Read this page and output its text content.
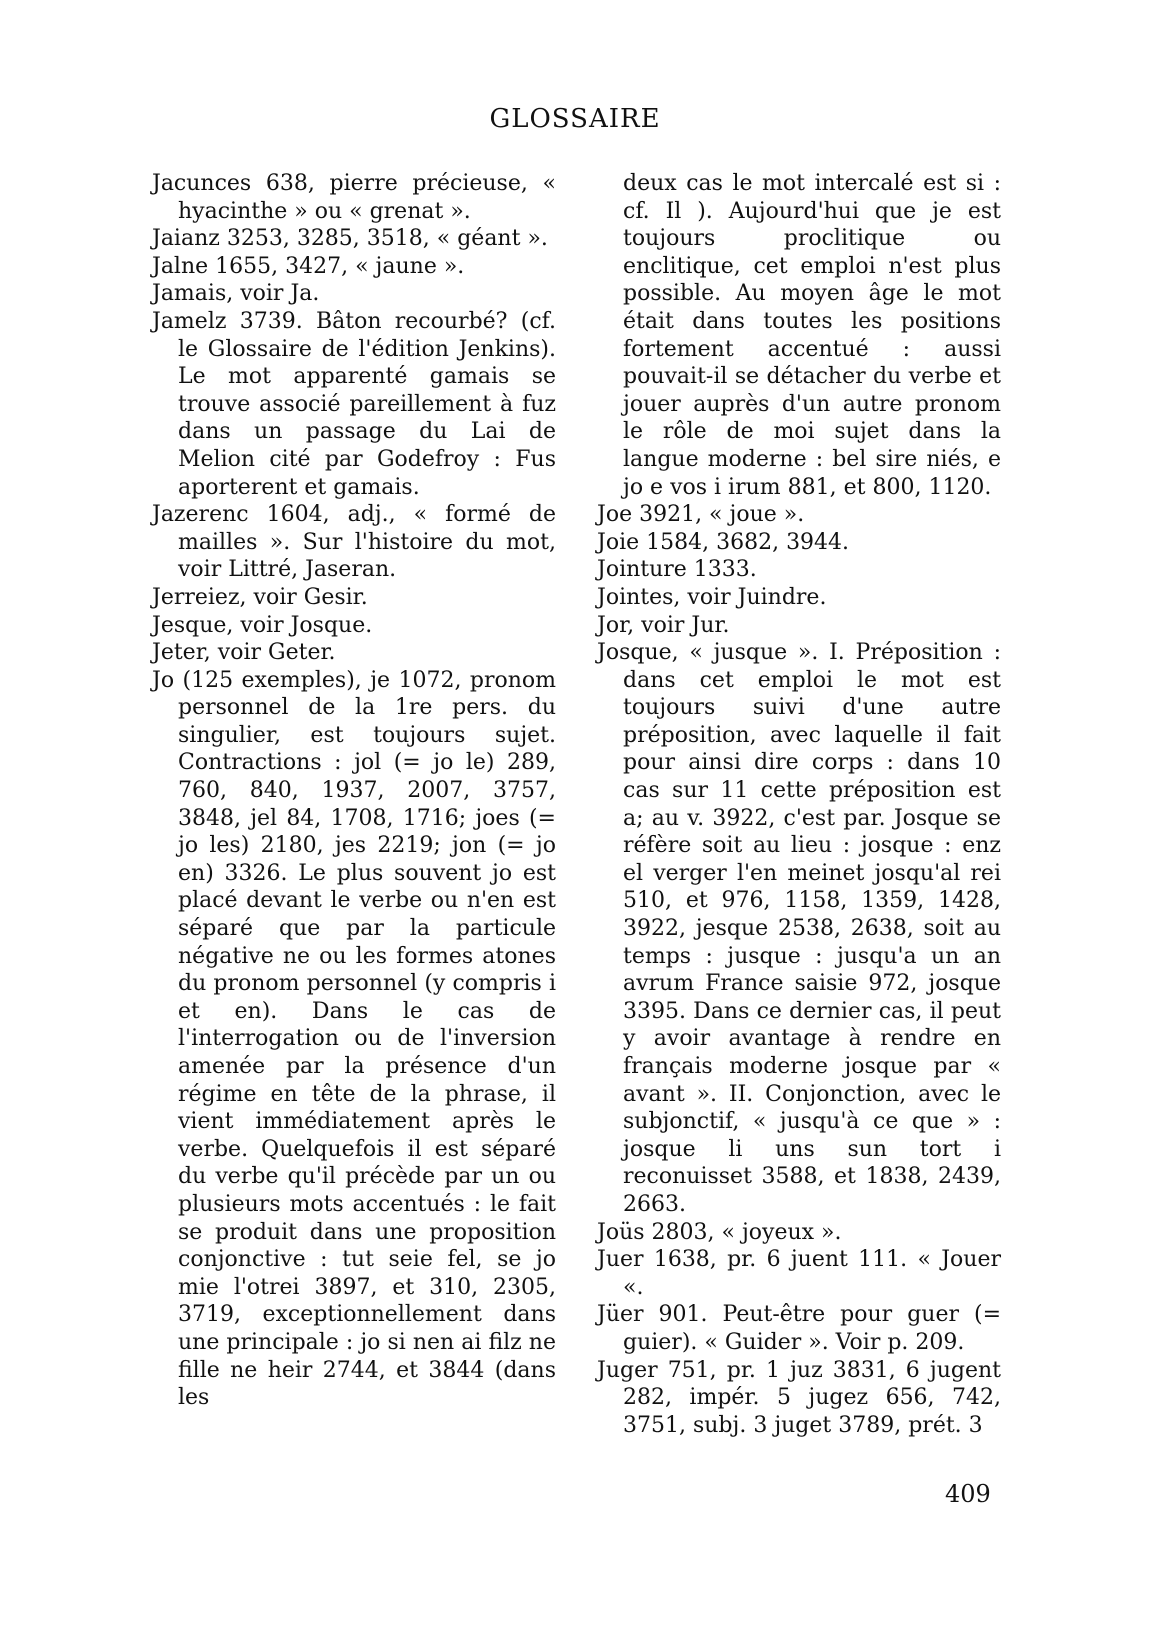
GLOSSAIRE

Jacunces 638, pierre précieuse, « hyacinthe » ou « grenat ».

Jaianz 3253, 3285, 3518, « géant ».

Jalne 1655, 3427, « jaune ».

Jamais, voir Ja.

Jamelz 3739. Bâton recourbé? (cf. le Glossaire de l'édition Jenkins). Le mot apparenté gamais se trouve associé pareillement à fuz dans un passage du Lai de Melion cité par Godefroy : Fus aporterent et gamais.

Jazerenc 1604, adj., « formé de mailles ». Sur l'histoire du mot, voir Littré, Jaseran.

Jerreiez, voir Gesir.

Jesque, voir Josque.

Jeter, voir Geter.

Jo (125 exemples), je 1072, pronom personnel de la 1re pers. du singulier, est toujours sujet. Contractions : jol (= jo le) 289, 760, 840, 1937, 2007, 3757, 3848, jel 84, 1708, 1716; joes (= jo les) 2180, jes 2219; jon (= jo en) 3326. Le plus souvent jo est placé devant le verbe ou n'en est séparé que par la particule négative ne ou les formes atones du pronom personnel (y compris i et en). Dans le cas de l'interrogation ou de l'inversion amenée par la présence d'un régime en tête de la phrase, il vient immédiatement après le verbe. Quelquefois il est séparé du verbe qu'il précède par un ou plusieurs mots accentués : le fait se produit dans une proposition conjonctive : tut seie fel, se jo mie l'otrei 3897, et 310, 2305, 3719, exceptionnellement dans une principale : jo si nen ai filz ne fille ne heir 2744, et 3844 (dans les

deux cas le mot intercalé est si : cf. Il ). Aujourd'hui que je est toujours proclitique ou enclitique, cet emploi n'est plus possible. Au moyen âge le mot était dans toutes les positions fortement accentué : aussi pouvait-il se détacher du verbe et jouer auprès d'un autre pronom le rôle de moi sujet dans la langue moderne : bel sire niés, e jo e vos i irum 881, et 800, 1120.

Joe 3921, « joue ».

Joie 1584, 3682, 3944.

Jointure 1333.

Jointes, voir Juindre.

Jor, voir Jur.

Josque, « jusque ». I. Préposition : dans cet emploi le mot est toujours suivi d'une autre préposition, avec laquelle il fait pour ainsi dire corps : dans 10 cas sur 11 cette préposition est a; au v. 3922, c'est par. Josque se réfère soit au lieu : josque : enz el verger l'en meinet josqu'al rei 510, et 976, 1158, 1359, 1428, 3922, jesque 2538, 2638, soit au temps : jusque : jusqu'a un an avrum France saisie 972, josque 3395. Dans ce dernier cas, il peut y avoir avantage à rendre en français moderne josque par « avant ». II. Conjonction, avec le subjonctif, « jusqu'à ce que » : josque li uns sun tort i reconuisset 3588, et 1838, 2439, 2663.

Joüs 2803, « joyeux ».

Juer 1638, pr. 6 juent 111. « Jouer «.

Jüer 901. Peut-être pour guer (= guier). « Guider ». Voir p. 209.

Juger 751, pr. 1 juz 3831, 6 jugent 282, impér. 5 jugez 656, 742, 3751, subj. 3 juget 3789, prét. 3

409
